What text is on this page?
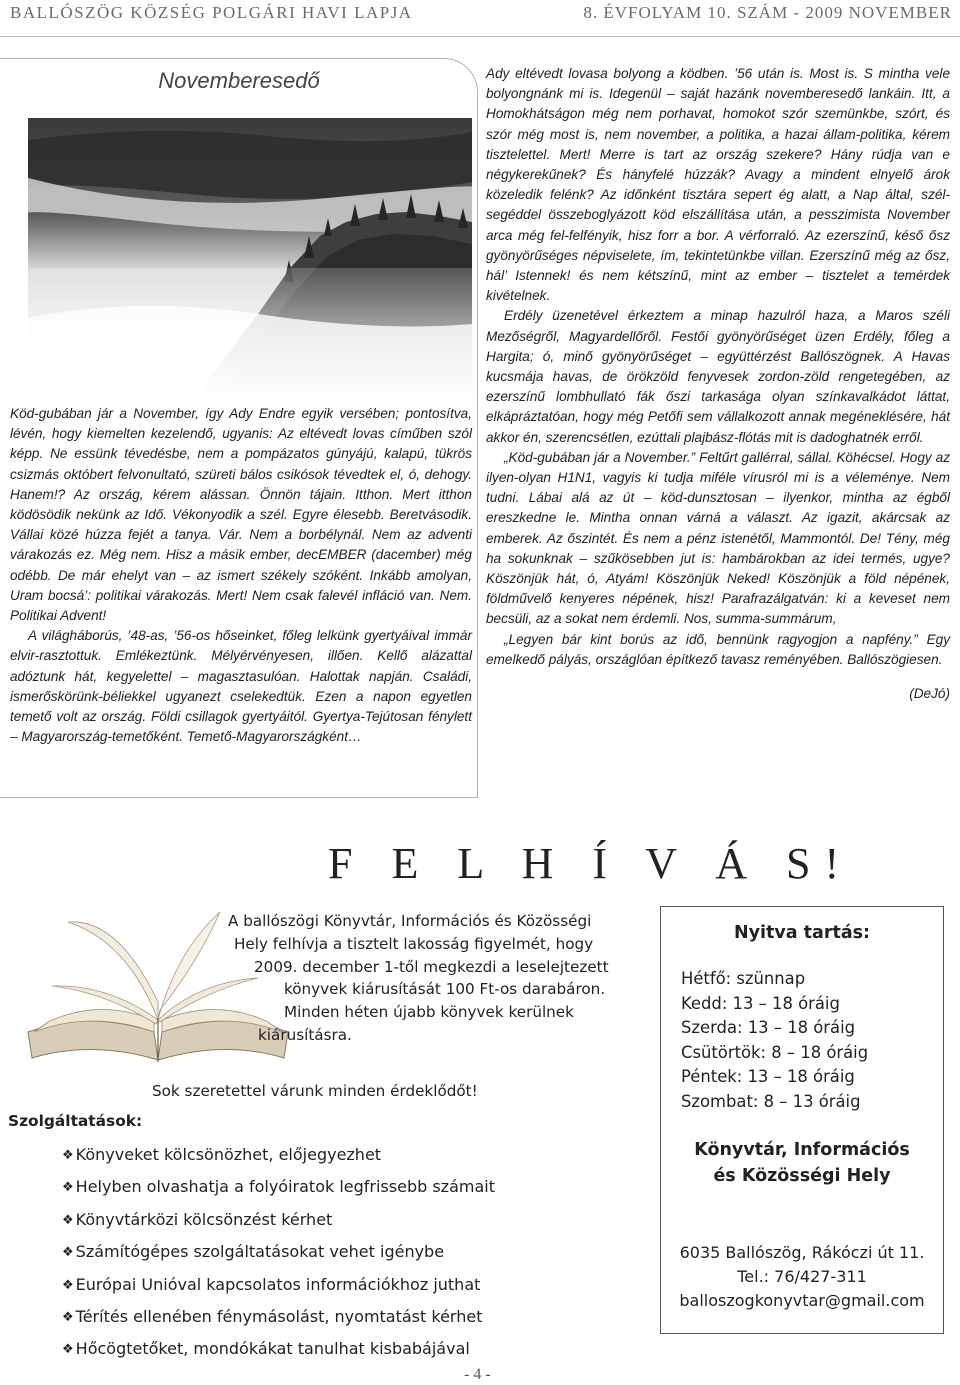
BALLÓSZÖG KÖZSÉG POLGÁRI HAVI LAPJA	8. ÉVFOLYAM 10. SZÁM - 2009 NOVEMBER
Novemberesedő

Köd-gubában jár a November, így Ady Endre egyik versében; pontosítva, lévén, hogy kiemelten kezelendő, ugyanis: Az eltévedt lovas címűben szól képp. Ne essünk tévedésbe, nem a pompázatos gúnyájú, kalapú, tükrös csizmás októbert felvonultató, szüreti bálos csikósok tévedtek el, ó, dehogy. Hanem!? Az ország, kérem alássan. Önnön tájain. Itthon. Mert itthon ködösödik nekünk az Idő. Vékonyodik a szél. Egyre élesebb. Beretvásodik. Vállai közé húzza fejét a tanya. Vár. Nem a borbélynál. Nem az adventi várakozás ez. Még nem. Hisz a másik ember, decEMBER (dacember) még odébb. De már ehelyt van – az ismert székely szóként. Inkább amolyan, Uram bocsá’: politikai várakozás. Mert! Nem csak falevél infláció van. Nem. Politikai Advent!

A világháborús, ’48-as, ’56-os hőseinket, főleg lelkünk gyertyáival immár elvir-rasztottuk. Emlékeztünk. Mélyérvényesen, illően. Kellő alázattal adóztunk hát, kegyelettel – magasztasulóan. Halottak napján. Családi, ismerőskörünk-béliekkel ugyanezt cselekedtük. Ezen a napon egyetlen temető volt az ország. Földi csillagok gyertyáitól. Gyertya-Tejútosan fénylett – Magyarország-temetőként. Temető-Magyarországként…

Ady eltévedt lovasa bolyong a ködben. ’56 után is. Most is. S mintha vele bolyongnánk mi is. Idegenül – saját hazánk novemberesedő lankáin. Itt, a Homokhátságon még nem porhavat, homokot szór szemünkbe, szórt, és szór még most is, nem november, a politika, a hazai állam-politika, kérem tisztelettel. Mert! Merre is tart az ország szekere? Hány rúdja van e négykerekűnek? És hányfelé húzzák? Avagy a mindent elnyelő árok közeledik felénk? Az időnként tisztára sepert ég alatt, a Nap által, szél-segéddel összeboglyázott köd elszállítása után, a pesszimista November arca még fel-felfényik, hisz forr a bor. A vérforraló. Az ezerszínű, késő ősz gyönyörűséges népviselete, ím, tekintetünkbe villan. Ezerszínű még az ősz, hál’ Istennek! és nem kétszínű, mint az ember – tisztelet a temérdek kivételnek.

Erdély üzenetével érkeztem a minap hazulról haza, a Maros széli Mezőségről, Magyardellőről. Festői gyönyörűséget üzen Erdély, főleg a Hargita; ó, minő gyönyörűséget – együttérzést Ballószögnek. A Havas kucsmája havas, de örökzöld fenyvesek zordon-zöld rengetegében, az ezerszínű lombhullató fák őszi tarkasága olyan színkavalkádot láttat, elkápráztatóan, hogy még Petőfi sem vállalkozott annak megéneklésére, hát akkor én, szerencsétlen, ezúttali plajbász-flótás mit is dadoghatnék erről.

„Köd-gubában jár a November.” Feltűrt gallérral, sállal. Köhécsel. Hogy az ilyen-olyan H1N1, vagyis ki tudja miféle vírusról mi is a véleménye. Nem tudni. Lábai alá az út – köd-dunsztosan – ilyenkor, mintha az égből ereszkedne le. Mintha onnan várná a választ. Az igazit, akárcsak az emberek. Az őszintét. És nem a pénz istenétől, Mammontól. De! Tény, még ha sokunknak – szűkösebben jut is: hambárokban az idei termés, ugye? Köszönjük hát, ó, Atyám! Köszönjük Neked! Köszönjük a föld népének, földművelő kenyeres népének, hisz! Parafrazálgatván: ki a keveset nem becsüli, az a sokat nem érdemli. Nos, summa-summárum,

„Legyen bár kint borús az idő, bennünk ragyogjon a napfény.” Egy emelkedő pályás, országlóan építkező tavasz reményében. Ballószögiesen.

(DeJó)

F E L H Í V Á S!
A ballószögi Könyvtár, Információs és Közösségi
Hely felhívja a tisztelt lakosság figyelmét, hogy
2009. december 1-től megkezdi a leselejtezett
könyvek kiárusítását 100 Ft-os darabáron.
Minden héten újabb könyvek kerülnek
kiárusításra.
Sok szeretettel várunk minden érdeklődőt!
Szolgáltatások:
❖ Könyveket kölcsönözhet, előjegyezhet
❖ Helyben olvashatja a folyóiratok legfrissebb számait
❖ Könyvtárközi kölcsönzést kérhet
❖ Számítógépes szolgáltatásokat vehet igénybe
❖ Európai Unióval kapcsolatos információkhoz juthat
❖ Térítés ellenében fénymásolást, nyomtatást kérhet
❖ Hőcögtetőket, mondókákat tanulhat kisbabájával
Nyitva tartás:
Hétfő: szünnap
Kedd: 13 – 18 óráig
Szerda: 13 – 18 óráig
Csütörtök: 8 – 18 óráig
Péntek: 13 – 18 óráig
Szombat: 8 – 13 óráig
Könyvtár, Információs
és Közösségi Hely
6035 Ballószög, Rákóczi út 11.
Tel.: 76/427-311
balloszogkonyvtar@gmail.com
- 4 -
